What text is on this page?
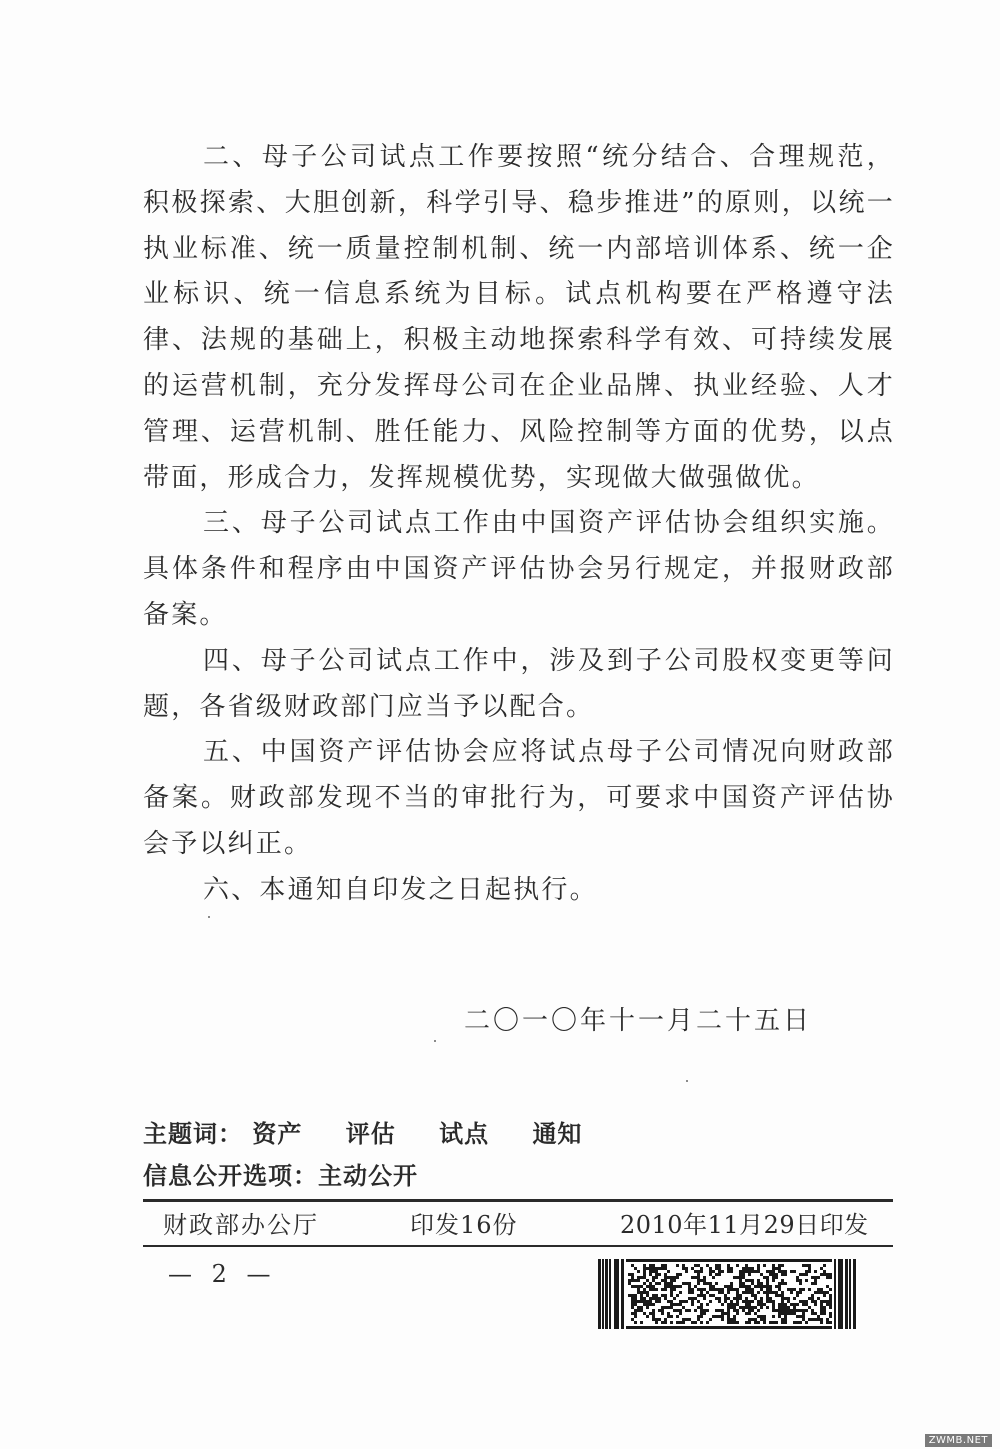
二、母子公司试点工作要按照“统分结合、合理规范，积极探索、大胆创新，科学引导、稳步推进”的原则，以统一执业标准、统一质量控制机制、统一内部培训体系、统一企业标识、统一信息系统为目标。试点机构要在严格遵守法律、法规的基础上，积极主动地探索科学有效、可持续发展的运营机制，充分发挥母公司在企业品牌、执业经验、人才管理、运营机制、胜任能力、风险控制等方面的优势，以点带面，形成合力，发挥规模优势，实现做大做强做优。

三、母子公司试点工作由中国资产评估协会组织实施。具体条件和程序由中国资产评估协会另行规定，并报财政部备案。

四、母子公司试点工作中，涉及到子公司股权变更等问题，各省级财政部门应当予以配合。

五、中国资产评估协会应将试点母子公司情况向财政部备案。财政部发现不当的审批行为，可要求中国资产评估协会予以纠正。

六、本通知自印发之日起执行。

二〇一〇年十一月二十五日
主题词： 资产 评估 试点 通知
信息公开选项：主动公开
财政部办公厅	印发16份	2010年11月29日印发
— 2 —
ZWMB.NET
